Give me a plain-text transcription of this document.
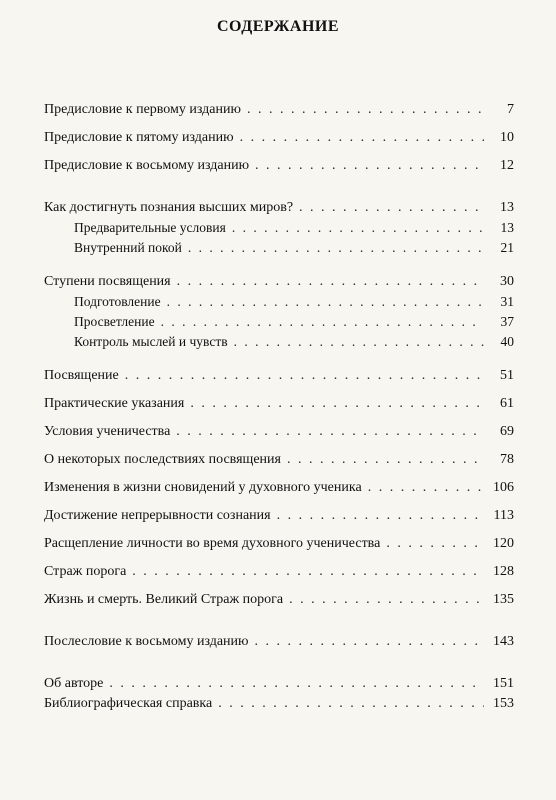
СОДЕРЖАНИЕ
Предисловие к первому изданию . . .	7
Предисловие к пятому изданию . . .	10
Предисловие к восьмому изданию . . .	12
Как достигнуть познания высших миров? . . .	13
Предварительные условия . . .	13
Внутренний покой . . .	21
Ступени посвящения . . .	30
Подготовление . . .	31
Просветление . . .	37
Контроль мыслей и чувств . . .	40
Посвящение . . .	51
Практические указания . . .	61
Условия ученичества . . .	69
О некоторых последствиях посвящения . . .	78
Изменения в жизни сновидений у духовного ученика . . .	106
Достижение непрерывности сознания . . .	113
Расщепление личности во время духовного ученичества . . .	120
Страж порога . . .	128
Жизнь и смерть. Великий Страж порога . . .	135
Послесловие к восьмому изданию . . .	143
Об авторе . . .	151
Библиографическая справка . . .	153
